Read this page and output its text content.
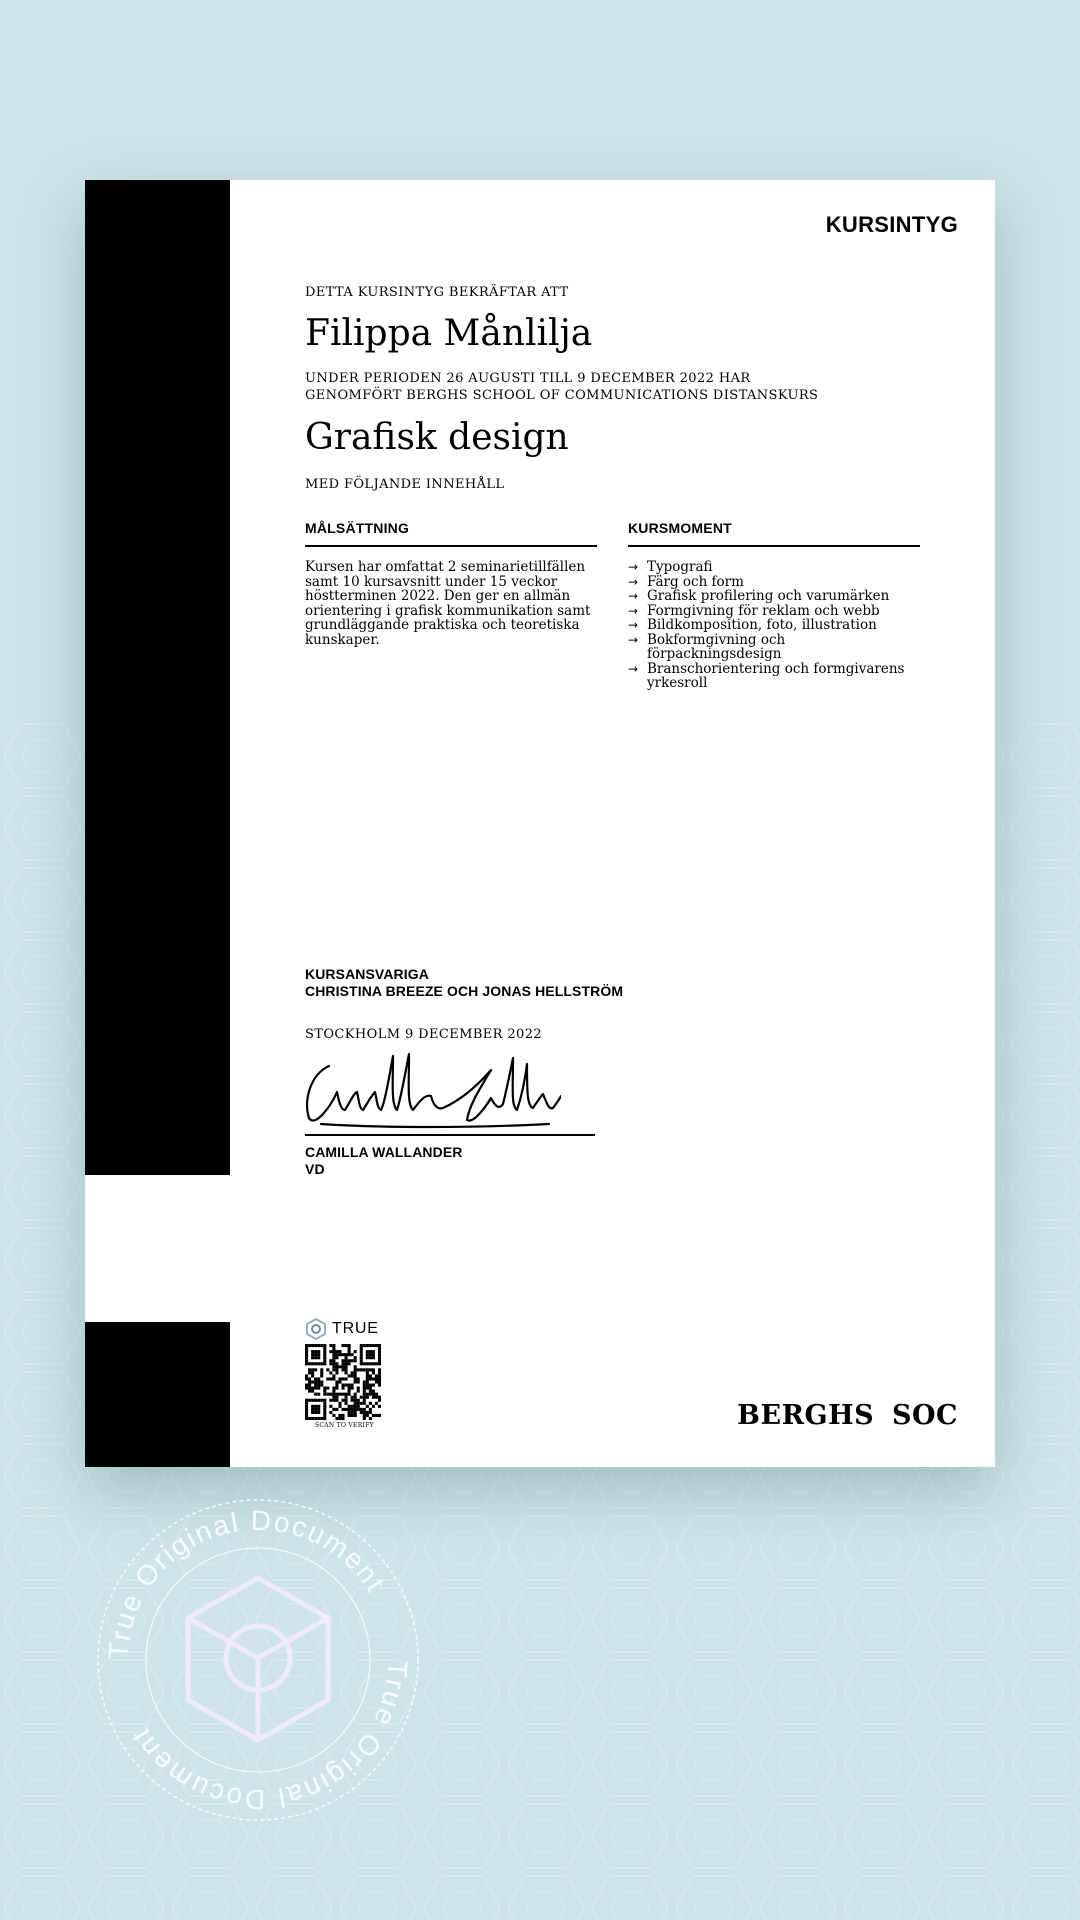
KURSINTYG
DETTA KURSINTYG BEKRÄFTAR ATT
Filippa Månlilja
UNDER PERIODEN 26 AUGUSTI TILL 9 DECEMBER 2022 HAR
GENOMFÖRT BERGHS SCHOOL OF COMMUNICATIONS DISTANSKURS
Grafisk design
MED FÖLJANDE INNEHÅLL
MÅLSÄTTNING
Kursen har omfattat 2 seminarietillfällen samt 10 kursavsnitt under 15 veckor höstterminen 2022. Den ger en allmän orientering i grafisk kommunikation samt grundläggande praktiska och teoretiska kunskaper.
KURSMOMENT
→ Typografi
→ Färg och form
→ Grafisk profilering och varumärken
→ Formgivning för reklam och webb
→ Bildkomposition, foto, illustration
→ Bokformgivning och förpackningsdesign
→ Branschorientering och formgivarens yrkesroll
KURSANSVARIGA
CHRISTINA BREEZE OCH JONAS HELLSTRÖM
STOCKHOLM 9 DECEMBER 2022
CAMILLA WALLANDER
VD
TRUE
SCAN TO VERIFY	BERGHS SOC
True Original Document
True Original Document
